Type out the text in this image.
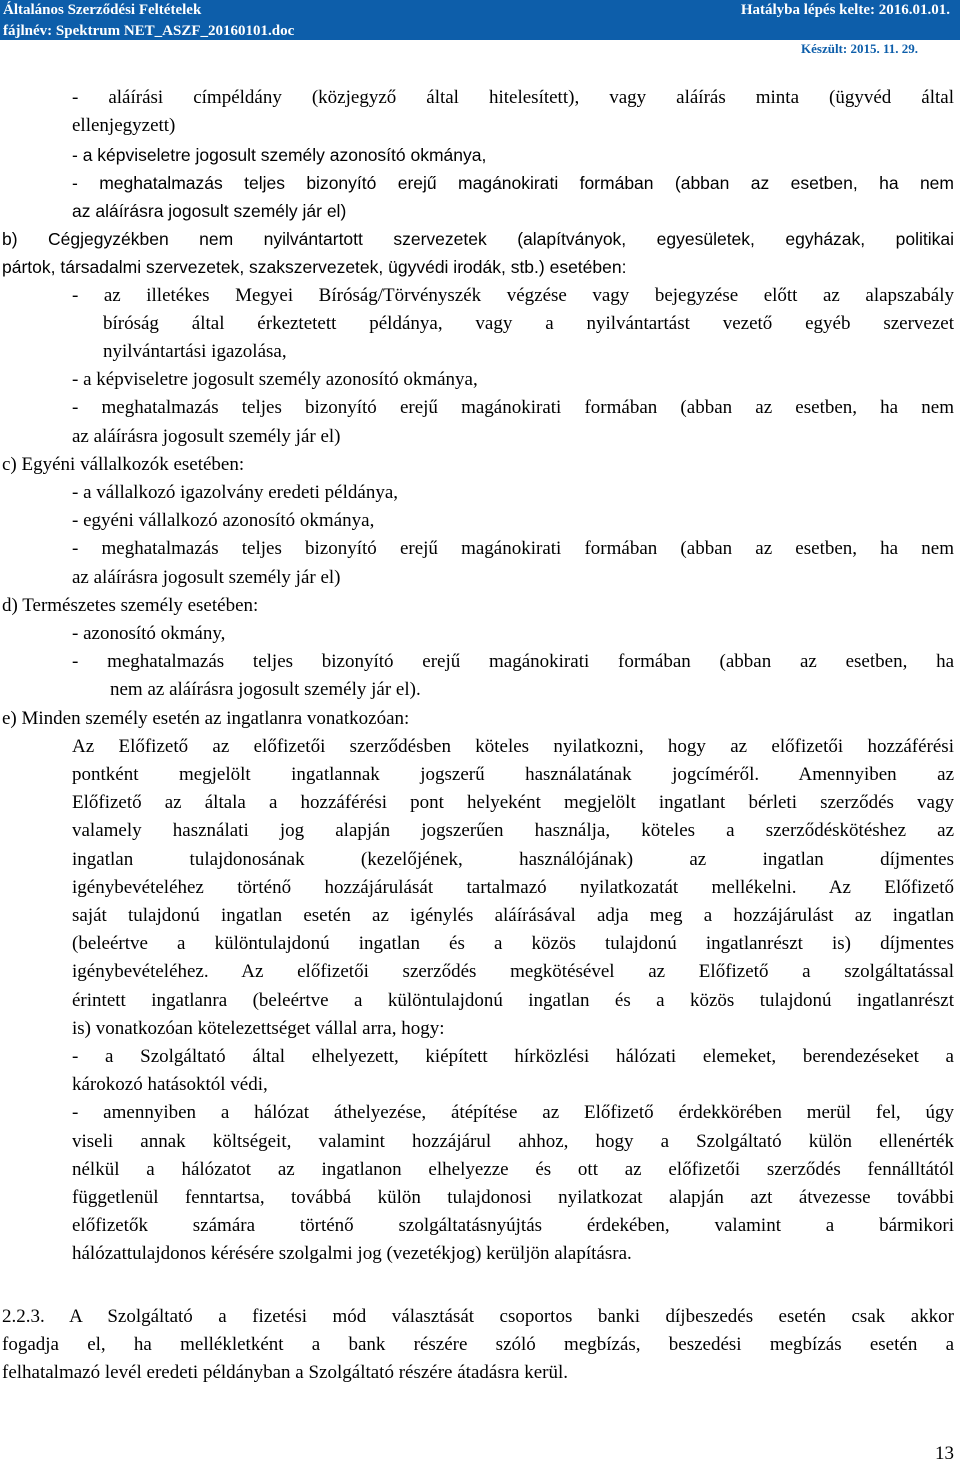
Általános Szerződési Feltételek	Hatályba lépés kelte: 2016.01.01.
fájlnév: Spektrum NET_ASZF_20160101.doc
Készült: 2015. 11. 29.
- aláírási címpéldány (közjegyző által hitelesített), vagy aláírás minta (ügyvéd által
ellenjegyzett)
- a képviseletre jogosult személy azonosító okmánya,
- meghatalmazás teljes bizonyító erejű magánokirati formában (abban az esetben, ha nem
az aláírásra jogosult személy jár el)
b) Cégjegyzékben nem nyilvántartott szervezetek (alapítványok, egyesületek, egyházak, politikai
pártok, társadalmi szervezetek, szakszervezetek, ügyvédi irodák, stb.) esetében:
- az illetékes Megyei Bíróság/Törvényszék végzése vagy bejegyzése előtt az alapszabály
bíróság által érkeztetett példánya, vagy a nyilvántartást vezető egyéb szervezet
nyilvántartási igazolása,
- a képviseletre jogosult személy azonosító okmánya,
- meghatalmazás teljes bizonyító erejű magánokirati formában (abban az esetben, ha nem
az aláírásra jogosult személy jár el)
c) Egyéni vállalkozók esetében:
- a vállalkozó igazolvány eredeti példánya,
- egyéni vállalkozó azonosító okmánya,
- meghatalmazás teljes bizonyító erejű magánokirati formában (abban az esetben, ha nem
az aláírásra jogosult személy jár el)
d) Természetes személy esetében:
- azonosító okmány,
- meghatalmazás teljes bizonyító erejű magánokirati formában (abban az esetben, ha
nem az aláírásra jogosult személy jár el).
e) Minden személy esetén az ingatlanra vonatkozóan:
Az Előfizető az előfizetői szerződésben köteles nyilatkozni, hogy az előfizetői hozzáférési
pontként megjelölt ingatlannak jogszerű használatának jogcíméről. Amennyiben az
Előfizető az általa a hozzáférési pont helyeként megjelölt ingatlant bérleti szerződés vagy
valamely használati jog alapján jogszerűen használja, köteles a szerződéskötéshez az
ingatlan tulajdonosának (kezelőjének, használójának) az ingatlan díjmentes
igénybevételéhez történő hozzájárulását tartalmazó nyilatkozatát mellékelni. Az Előfizető
saját tulajdonú ingatlan esetén az igénylés aláírásával adja meg a hozzájárulást az ingatlan
(beleértve a különtulajdonú ingatlan és a közös tulajdonú ingatlanrészt is) díjmentes
igénybevételéhez. Az előfizetői szerződés megkötésével az Előfizető a szolgáltatással
érintett ingatlanra (beleértve a különtulajdonú ingatlan és a közös tulajdonú ingatlanrészt
is) vonatkozóan kötelezettséget vállal arra, hogy:
- a Szolgáltató által elhelyezett, kiépített hírközlési hálózati elemeket, berendezéseket a
károkozó hatásoktól védi,
- amennyiben a hálózat áthelyezése, átépítése az Előfizető érdekkörében merül fel, úgy
viseli annak költségeit, valamint hozzájárul ahhoz, hogy a Szolgáltató külön ellenérték
nélkül a hálózatot az ingatlanon elhelyezze és ott az előfizetői szerződés fennálltától
függetlenül fenntartsa, továbbá külön tulajdonosi nyilatkozat alapján azt átvezesse további
előfizetők számára történő szolgáltatásnyújtás érdekében, valamint a bármikori
hálózattulajdonos kérésére szolgalmi jog (vezetékjog) kerüljön alapításra.
2.2.3. A Szolgáltató a fizetési mód választását csoportos banki díjbeszedés esetén csak akkor
fogadja el, ha mellékletként a bank részére szóló megbízás, beszedési megbízás esetén a
felhatalmazó levél eredeti példányban a Szolgáltató részére átadásra kerül.
13
